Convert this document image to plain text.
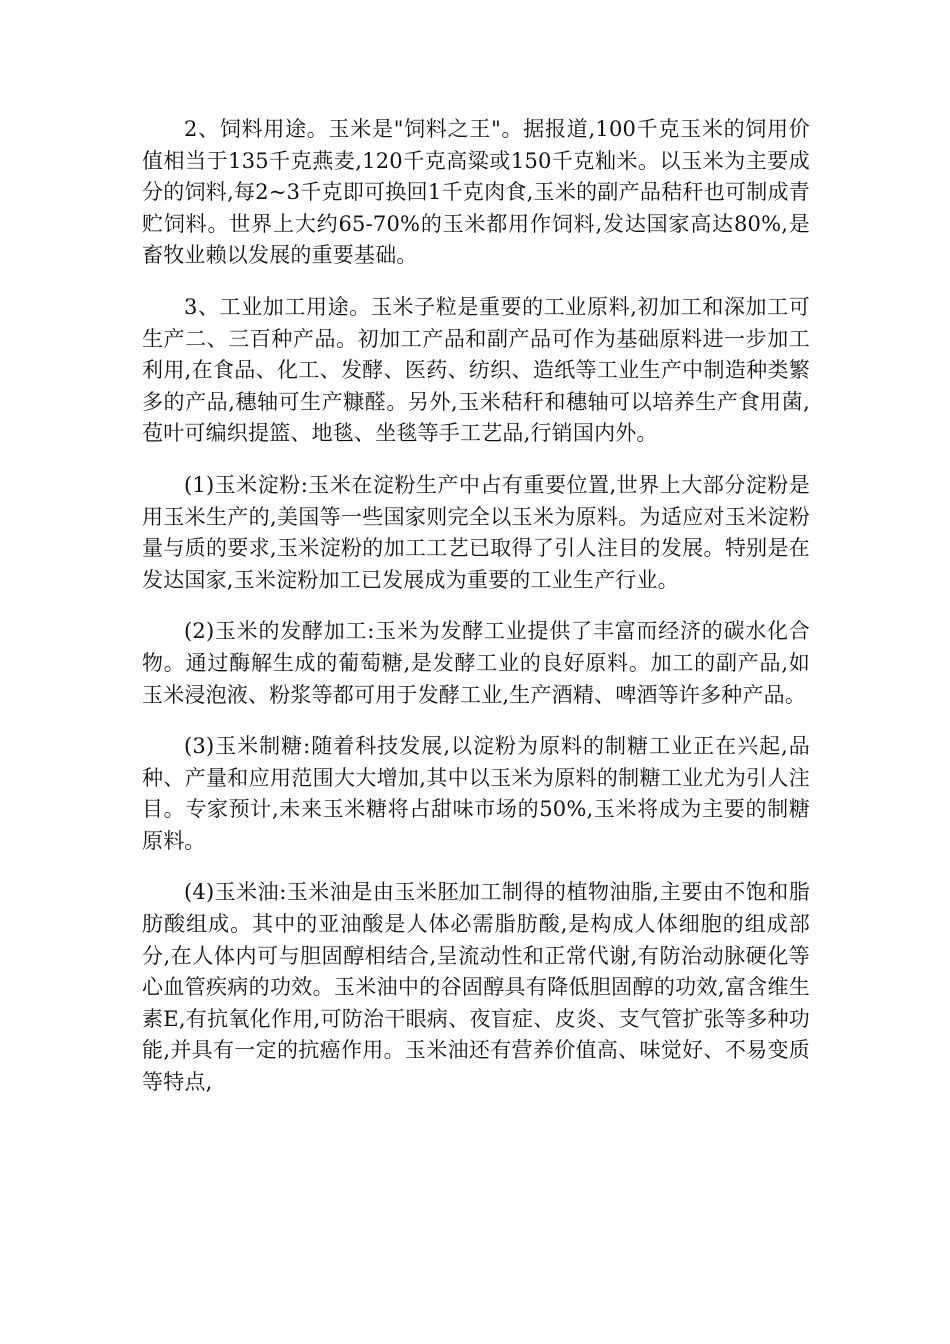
2、饲料用途。玉米是"饲料之王"。据报道,100千克玉米的饲用价值相当于135千克燕麦,120千克高粱或150千克籼米。以玉米为主要成分的饲料,每2~3千克即可换回1千克肉食,玉米的副产品秸秆也可制成青贮饲料。世界上大约65-70%的玉米都用作饲料,发达国家高达80%,是畜牧业赖以发展的重要基础。

3、工业加工用途。玉米子粒是重要的工业原料,初加工和深加工可生产二、三百种产品。初加工产品和副产品可作为基础原料进一步加工利用,在食品、化工、发酵、医药、纺织、造纸等工业生产中制造种类繁多的产品,穗轴可生产糠醛。另外,玉米秸秆和穗轴可以培养生产食用菌,苞叶可编织提篮、地毯、坐毯等手工艺品,行销国内外。

(1)玉米淀粉:玉米在淀粉生产中占有重要位置,世界上大部分淀粉是用玉米生产的,美国等一些国家则完全以玉米为原料。为适应对玉米淀粉量与质的要求,玉米淀粉的加工工艺已取得了引人注目的发展。特别是在发达国家,玉米淀粉加工已发展成为重要的工业生产行业。

(2)玉米的发酵加工:玉米为发酵工业提供了丰富而经济的碳水化合物。通过酶解生成的葡萄糖,是发酵工业的良好原料。加工的副产品,如玉米浸泡液、粉浆等都可用于发酵工业,生产酒精、啤酒等许多种产品。

(3)玉米制糖:随着科技发展,以淀粉为原料的制糖工业正在兴起,品种、产量和应用范围大大增加,其中以玉米为原料的制糖工业尤为引人注目。专家预计,未来玉米糖将占甜味市场的50%,玉米将成为主要的制糖原料。

(4)玉米油:玉米油是由玉米胚加工制得的植物油脂,主要由不饱和脂肪酸组成。其中的亚油酸是人体必需脂肪酸,是构成人体细胞的组成部分,在人体内可与胆固醇相结合,呈流动性和正常代谢,有防治动脉硬化等心血管疾病的功效。玉米油中的谷固醇具有降低胆固醇的功效,富含维生素E,有抗氧化作用,可防治干眼病、夜盲症、皮炎、支气管扩张等多种功能,并具有一定的抗癌作用。玉米油还有营养价值高、味觉好、不易变质等特点,
